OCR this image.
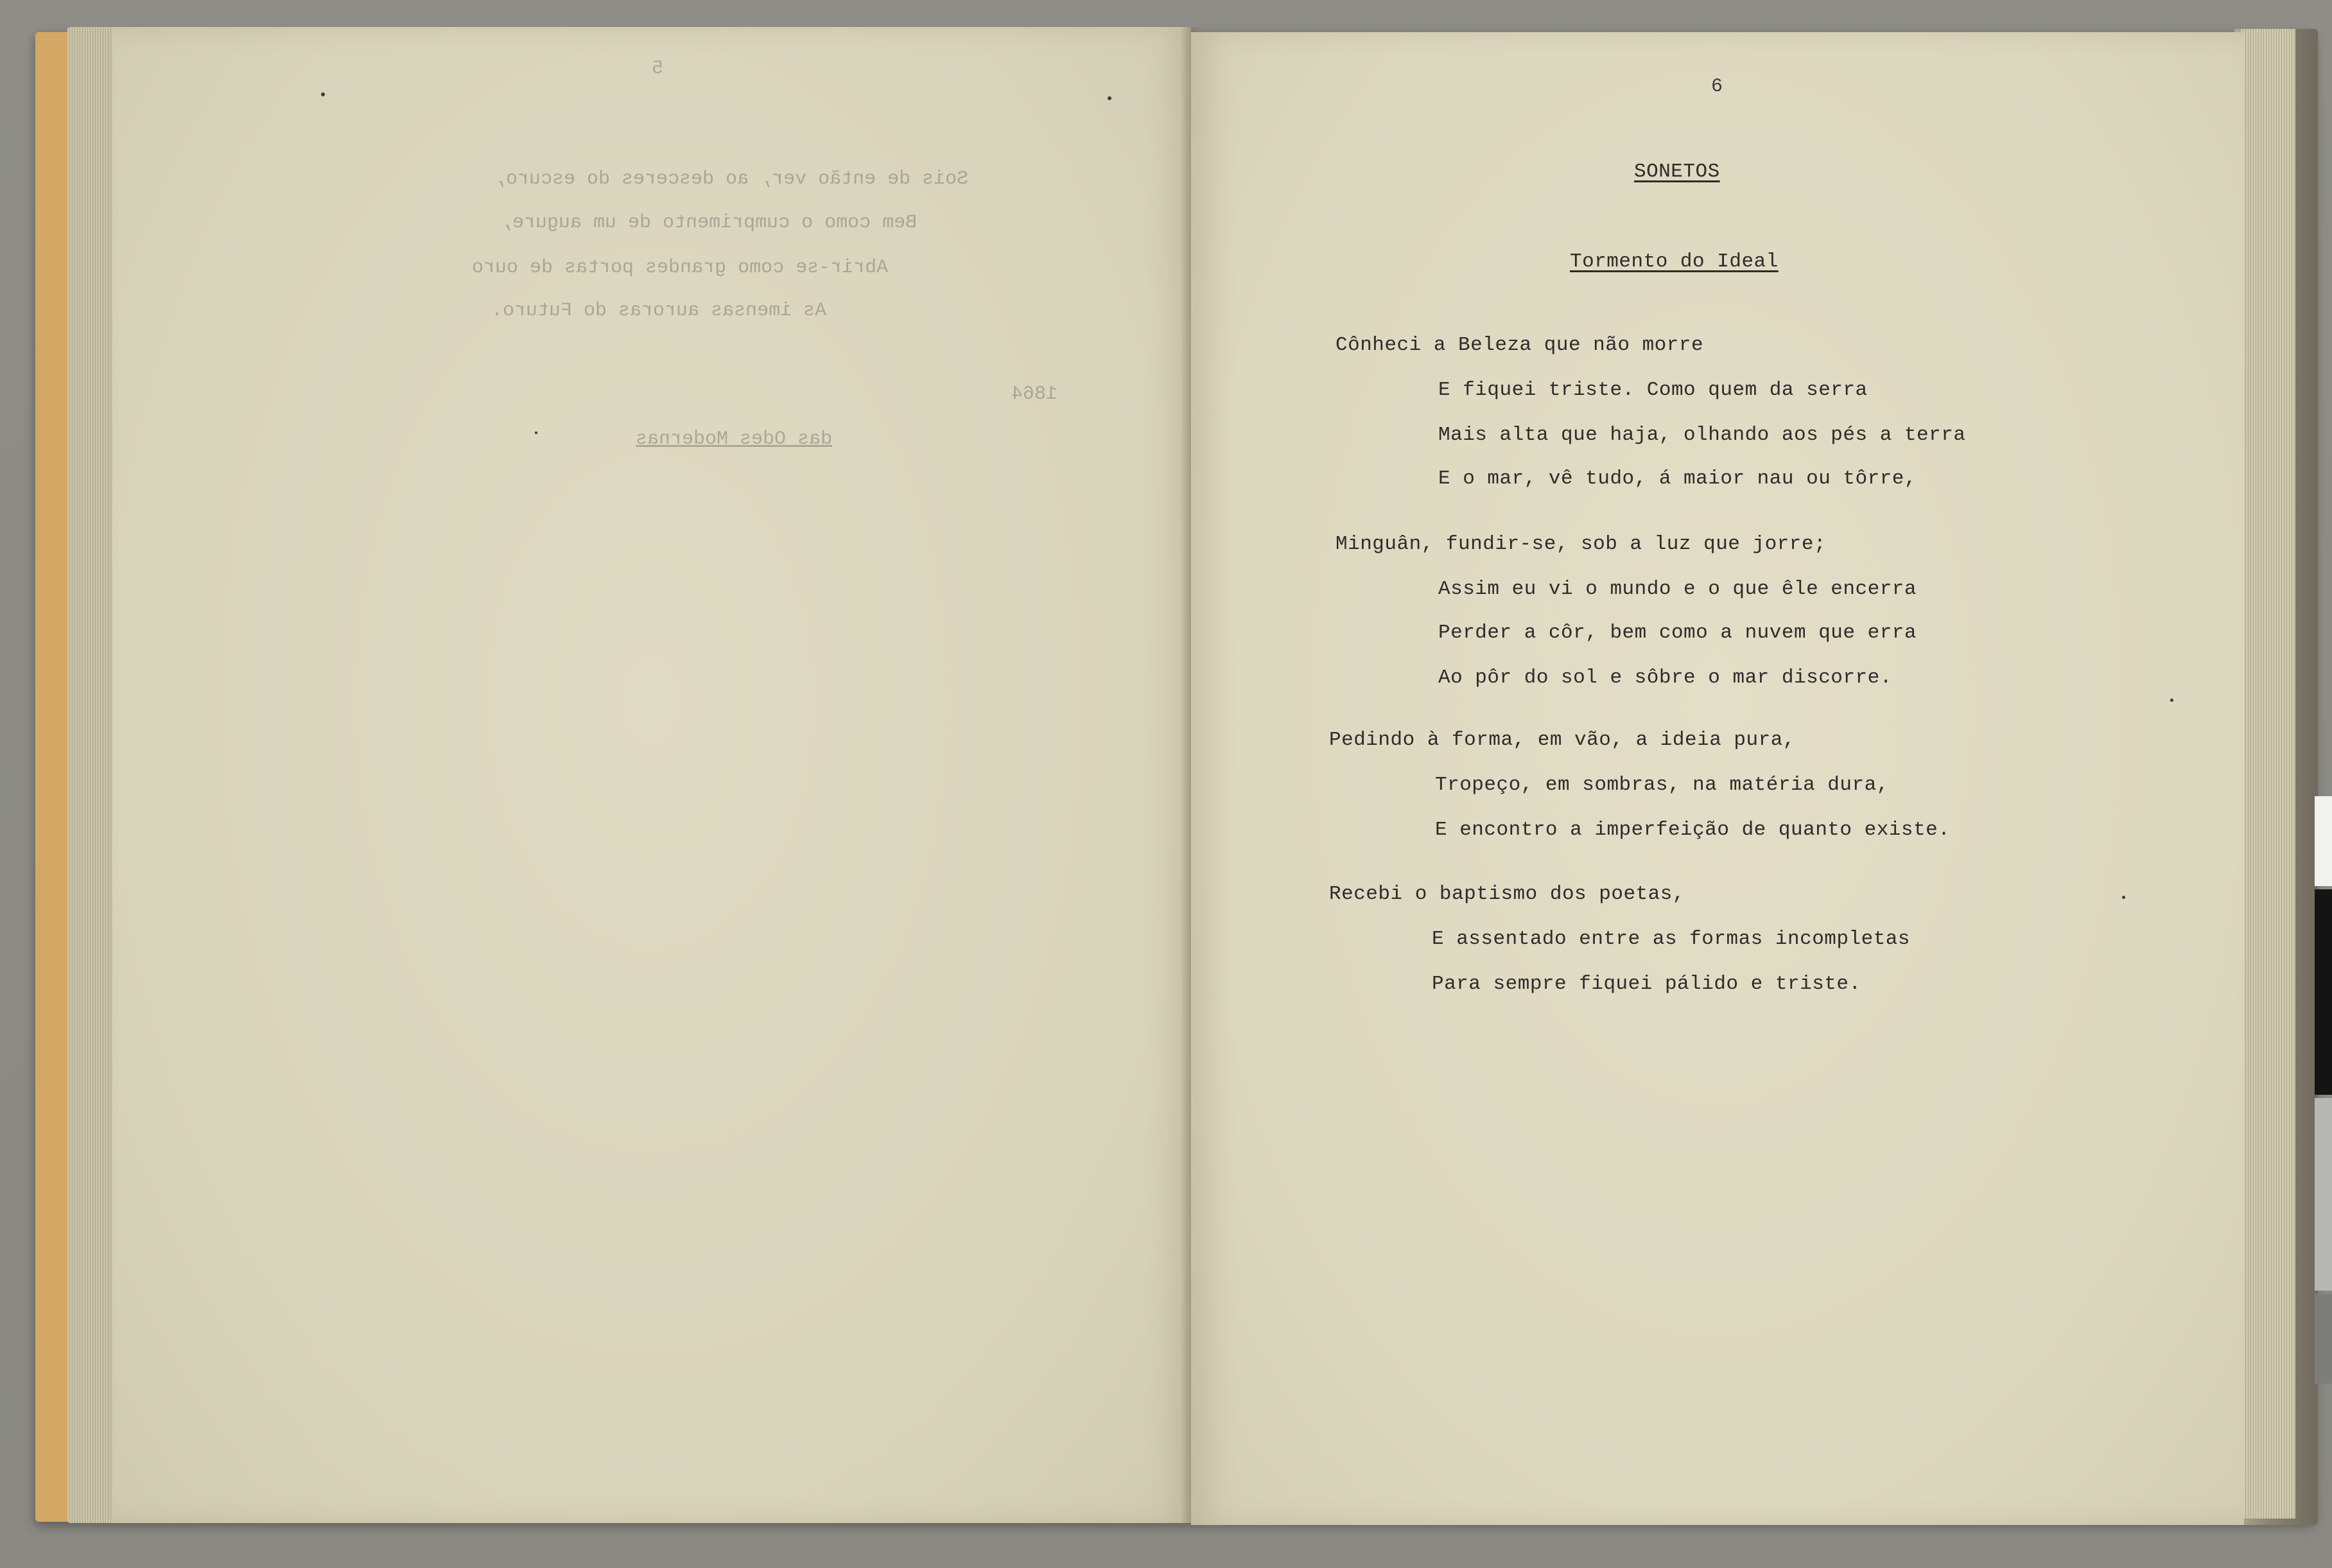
5
Sois de então ver, ao desceres do escuro,
Bem como o cumprimento de um augure,
Abrir-se como grandes portas de ouro
As imensas auroras do Futuro.
1864
das Odes Modernas
6
SONETOS
Tormento do Ideal
Cônheci a Beleza que não morre
E fiquei triste. Como quem da serra
Mais alta que haja, olhando aos pés a terra
E o mar, vê tudo, á maior nau ou tôrre,
Minguân, fundir-se, sob a luz que jorre;
Assim eu vi o mundo e o que êle encerra
Perder a côr, bem como a nuvem que erra
Ao pôr do sol e sôbre o mar discorre.
Pedindo à forma, em vão, a ideia pura,
Tropeço, em sombras, na matéria dura,
E encontro a imperfeição de quanto existe.
Recebi o baptismo dos poetas,
E assentado entre as formas incompletas
Para sempre fiquei pálido e triste.
